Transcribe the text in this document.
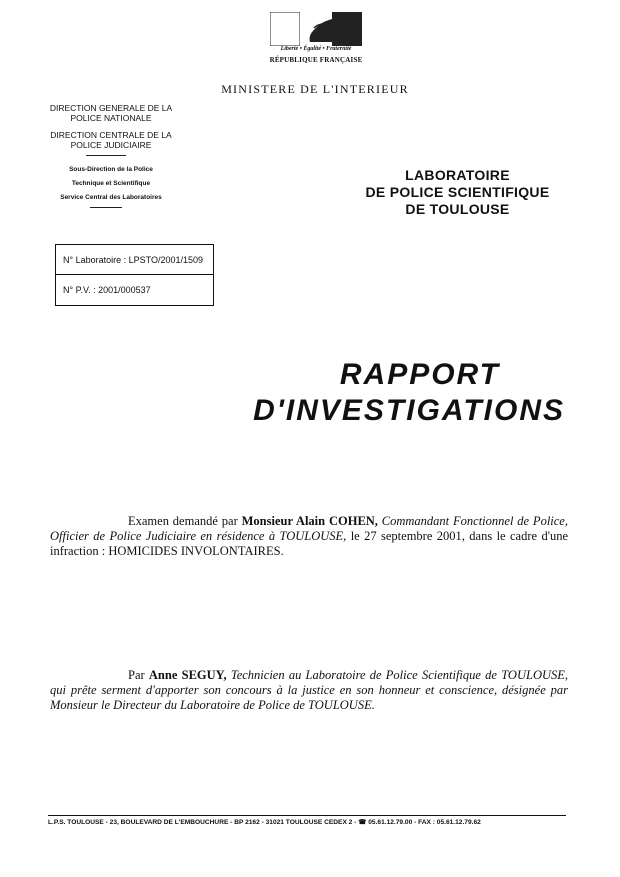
Liberté • Égalité • Fraternité
RÉPUBLIQUE FRANÇAISE
MINISTERE DE L'INTERIEUR
DIRECTION GENERALE DE LA POLICE NATIONALE
DIRECTION CENTRALE DE LA POLICE JUDICIAIRE
Sous-Direction de la Police
Technique et Scientifique
Service Central des Laboratoires
LABORATOIRE
DE POLICE SCIENTIFIQUE
DE TOULOUSE
N° Laboratoire : LPSTO/2001/1509
N° P.V. : 2001/000537
RAPPORT
D'INVESTIGATIONS
Examen demandé par Monsieur Alain COHEN, Commandant Fonctionnel de Police, Officier de Police Judiciaire en résidence à TOULOUSE, le 27 septembre 2001, dans le cadre d'une infraction : HOMICIDES INVOLONTAIRES.
Par Anne SEGUY, Technicien au Laboratoire de Police Scientifique de TOULOUSE, qui prête serment d'apporter son concours à la justice en son honneur et conscience, désignée par Monsieur le Directeur du Laboratoire de Police de TOULOUSE.
L.P.S. TOULOUSE - 23, BOULEVARD DE L'EMBOUCHURE - BP 2162 - 31021 TOULOUSE CEDEX 2 - ☎ 05.61.12.79.00 - FAX : 05.61.12.79.62
